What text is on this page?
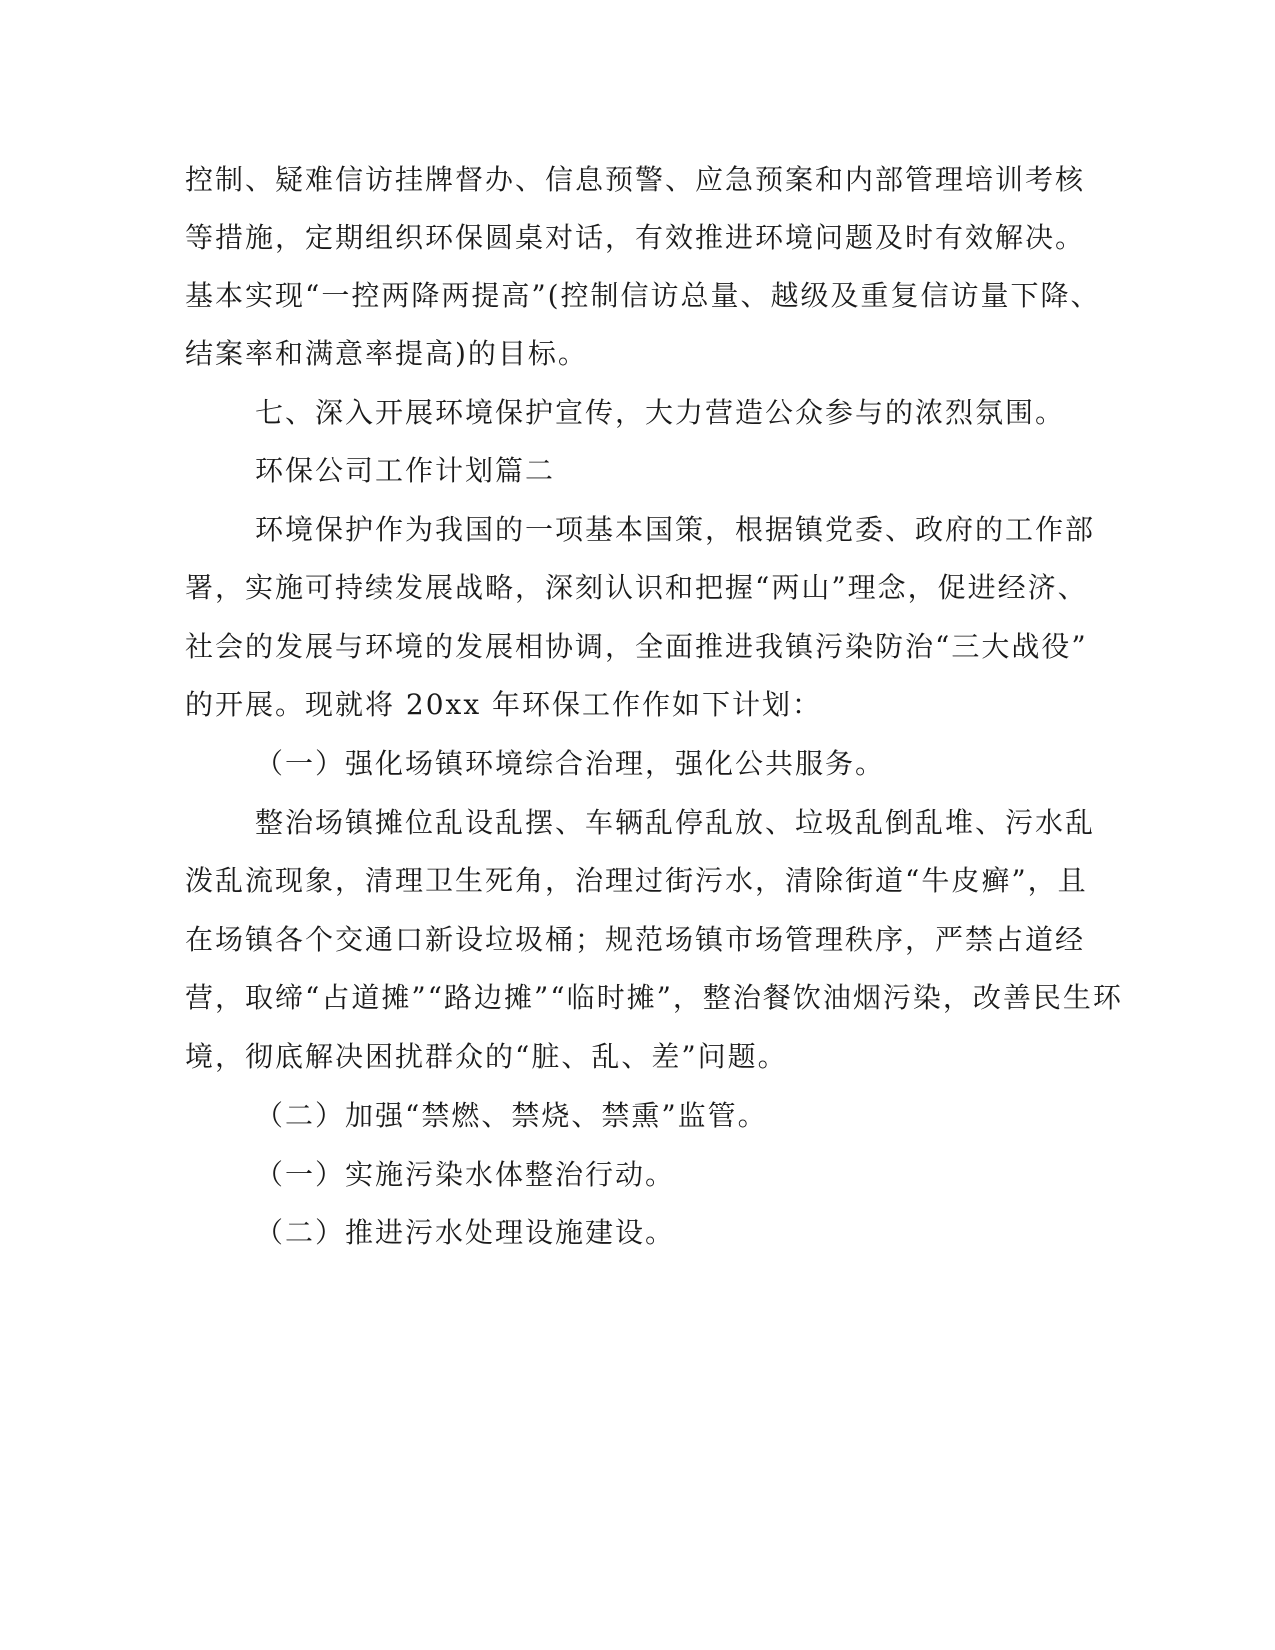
控制、疑难信访挂牌督办、信息预警、应急预案和内部管理培训考核
等措施，定期组织环保圆桌对话，有效推进环境问题及时有效解决。
基本实现“一控两降两提高”(控制信访总量、越级及重复信访量下降、
结案率和满意率提高)的目标。
七、深入开展环境保护宣传，大力营造公众参与的浓烈氛围。
环保公司工作计划篇二
环境保护作为我国的一项基本国策，根据镇党委、政府的工作部
署，实施可持续发展战略，深刻认识和把握“两山”理念，促进经济、
社会的发展与环境的发展相协调，全面推进我镇污染防治“三大战役”
的开展。现就将 20xx 年环保工作作如下计划：
（一）强化场镇环境综合治理，强化公共服务。
整治场镇摊位乱设乱摆、车辆乱停乱放、垃圾乱倒乱堆、污水乱
泼乱流现象，清理卫生死角，治理过街污水，清除街道“牛皮癣”，且
在场镇各个交通口新设垃圾桶；规范场镇市场管理秩序，严禁占道经
营，取缔“占道摊”“路边摊”“临时摊”，整治餐饮油烟污染，改善民生环
境，彻底解决困扰群众的“脏、乱、差”问题。
（二）加强“禁燃、禁烧、禁熏”监管。
（一）实施污染水体整治行动。
（二）推进污水处理设施建设。
